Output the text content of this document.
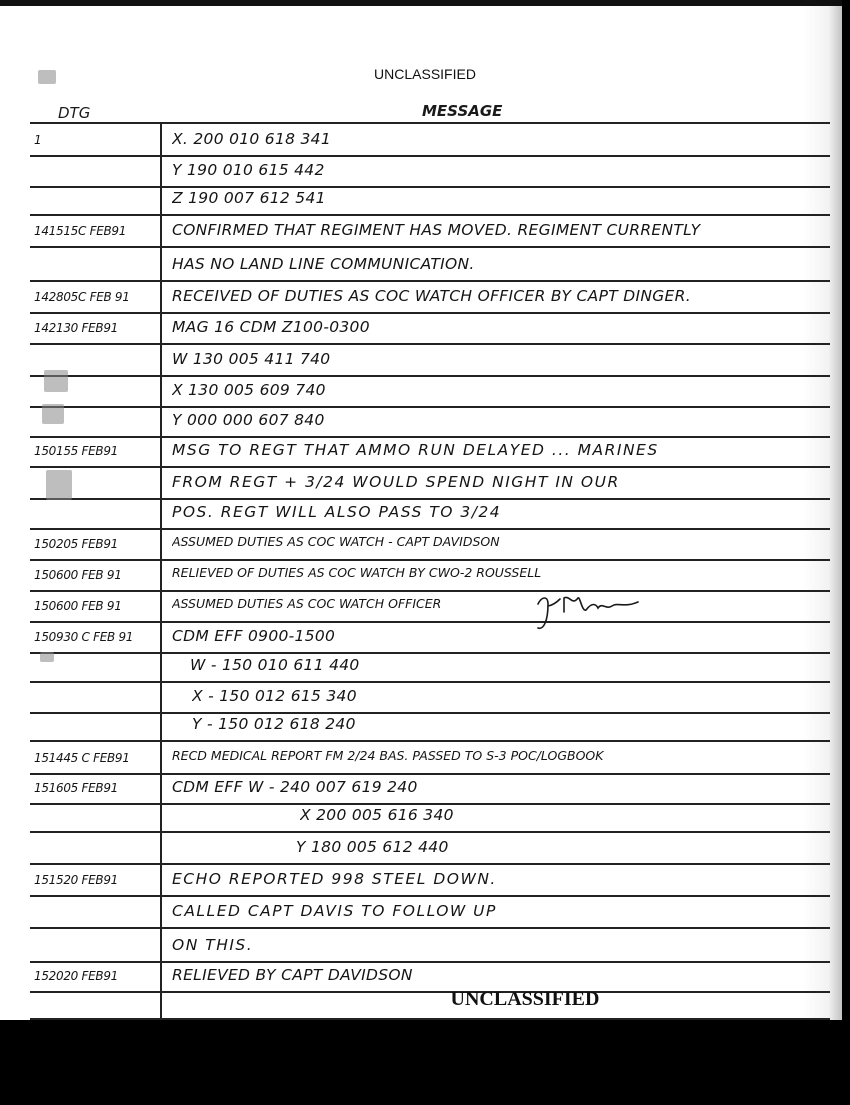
UNCLASSIFIED
DTG	MESSAGE
1	X. 200 010 618 341
Y 190 010 615 442
Z 190 007 612 541
141515C FEB91	CONFIRMED THAT REGIMENT HAS MOVED. REGIMENT CURRENTLY
HAS NO LAND LINE COMMUNICATION.
142805C FEB 91	RECEIVED OF DUTIES AS COC WATCH OFFICER BY CAPT DINGER.
142130 FEB91	MAG 16 CDM Z100-0300
W 130 005 411 740
X 130 005 609 740
Y 000 000 607 840
150155 FEB91	MSG TO REGT THAT AMMO RUN DELAYED ... MARINES
FROM REGT + 3/24 WOULD SPEND NIGHT IN OUR
POS. REGT WILL ALSO PASS TO 3/24
150205 FEB91	ASSUMED DUTIES AS COC WATCH - CAPT DAVIDSON
150600 FEB 91	RELIEVED OF DUTIES AS COC WATCH BY CWO-2 ROUSSELL
150600 FEB 91	ASSUMED DUTIES AS COC WATCH OFFICER
150930 C FEB 91	CDM EFF 0900-1500
W - 150 010 611 440
X - 150 012 615 340
Y - 150 012 618 240
151445 C FEB91	RECD MEDICAL REPORT FM 2/24 BAS. PASSED TO S-3 POC/LOGBOOK
151605 FEB91	CDM EFF W - 240 007 619 240
X 200 005 616 340
Y 180 005 612 440
151520 FEB91	ECHO REPORTED 998 STEEL DOWN.
CALLED CAPT DAVIS TO FOLLOW UP
ON THIS.
152020 FEB91	RELIEVED BY CAPT DAVIDSON
UNCLASSIFIED
